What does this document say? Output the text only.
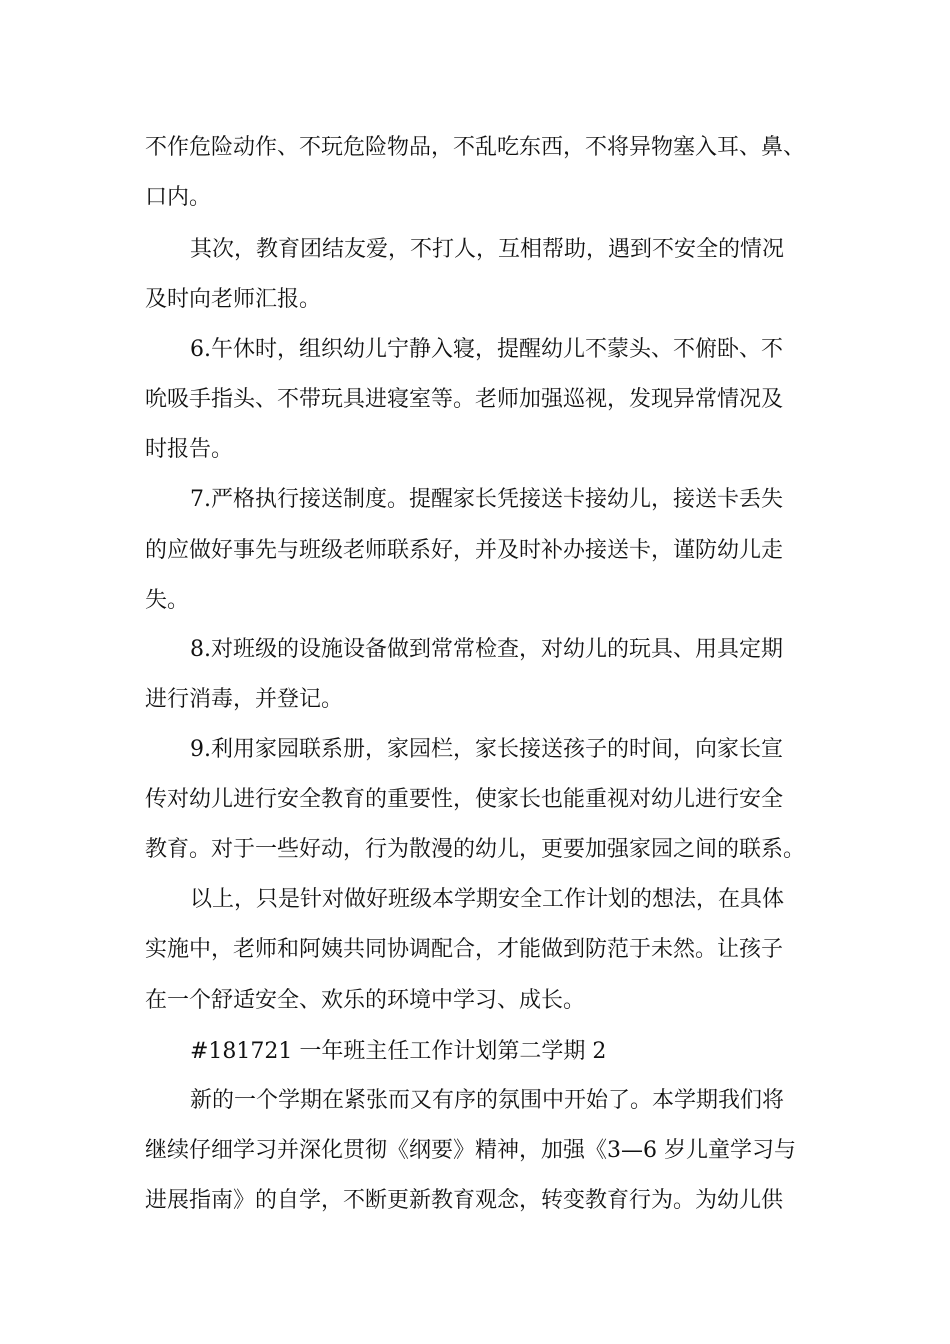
不作危险动作、不玩危险物品，不乱吃东西，不将异物塞入耳、鼻、
口内。
其次，教育团结友爱，不打人，互相帮助，遇到不安全的情况
及时向老师汇报。
6.午休时，组织幼儿宁静入寝，提醒幼儿不蒙头、不俯卧、不
吮吸手指头、不带玩具进寝室等。老师加强巡视，发现异常情况及
时报告。
7.严格执行接送制度。提醒家长凭接送卡接幼儿，接送卡丢失
的应做好事先与班级老师联系好，并及时补办接送卡，谨防幼儿走
失。
8.对班级的设施设备做到常常检查，对幼儿的玩具、用具定期
进行消毒，并登记。
9.利用家园联系册，家园栏，家长接送孩子的时间，向家长宣
传对幼儿进行安全教育的重要性，使家长也能重视对幼儿进行安全
教育。对于一些好动，行为散漫的幼儿，更要加强家园之间的联系。
以上，只是针对做好班级本学期安全工作计划的想法，在具体
实施中，老师和阿姨共同协调配合，才能做到防范于未然。让孩子
在一个舒适安全、欢乐的环境中学习、成长。
#181721 一年班主任工作计划第二学期 2
新的一个学期在紧张而又有序的氛围中开始了。本学期我们将
继续仔细学习并深化贯彻《纲要》精神，加强《3—6 岁儿童学习与
进展指南》的自学，不断更新教育观念，转变教育行为。为幼儿供
